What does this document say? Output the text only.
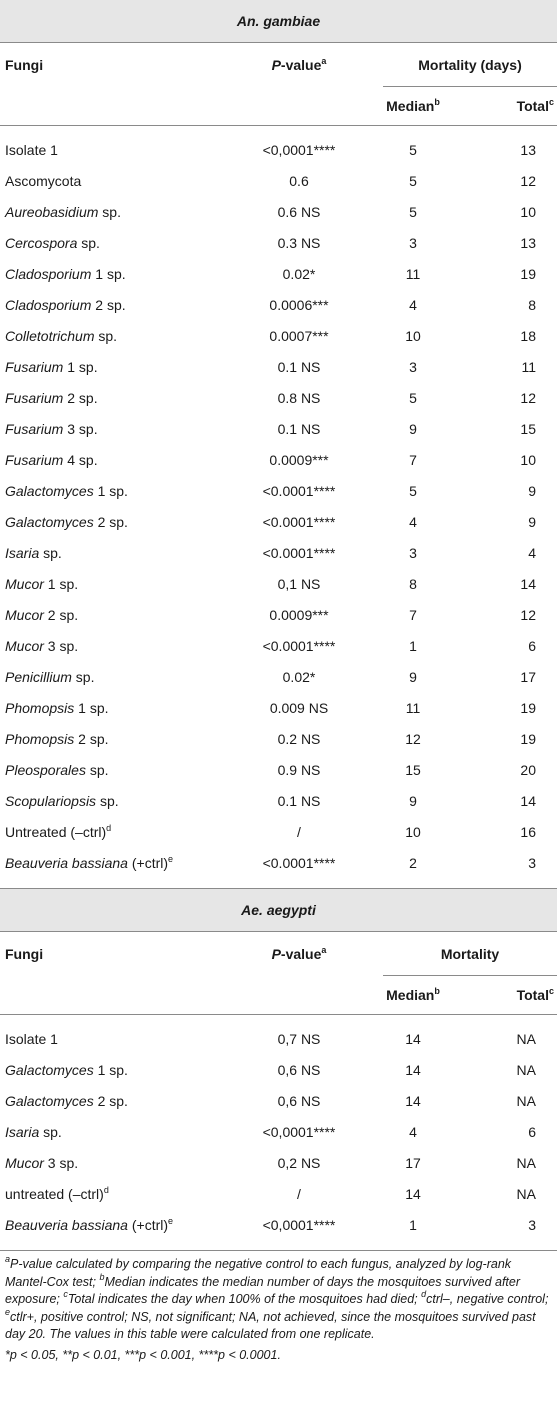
An. gambiae
Fungi	P-value$^a$	Mortality (days)
Median$^b$	Total$^c$
Isolate 1	<0,0001****	5	13
Ascomycota	0.6	5	12
Aureobasidium sp.	0.6 NS	5	10
Cercospora sp.	0.3 NS	3	13
Cladosporium 1 sp.	0.02*	11	19
Cladosporium 2 sp.	0.0006***	4	8
Colletotrichum sp.	0.0007***	10	18
Fusarium 1 sp.	0.1 NS	3	11
Fusarium 2 sp.	0.8 NS	5	12
Fusarium 3 sp.	0.1 NS	9	15
Fusarium 4 sp.	0.0009***	7	10
Galactomyces 1 sp.	<0.0001****	5	9
Galactomyces 2 sp.	<0.0001****	4	9
Isaria sp.	<0.0001****	3	4
Mucor 1 sp.	0,1 NS	8	14
Mucor 2 sp.	0.0009***	7	12
Mucor 3 sp.	<0.0001****	1	6
Penicillium sp.	0.02*	9	17
Phomopsis 1 sp.	0.009 NS	11	19
Phomopsis 2 sp.	0.2 NS	12	19
Pleosporales sp.	0.9 NS	15	20
Scopulariopsis sp.	0.1 NS	9	14
Untreated (–ctrl)$^d$	/	10	16
Beauveria bassiana (+ctrl)$^e$	<0.0001****	2	3
Ae. aegypti
Fungi	P-value$^a$	Mortality
Median$^b$	Total$^c$
Isolate 1	0,7 NS	14	NA
Galactomyces 1 sp.	0,6 NS	14	NA
Galactomyces 2 sp.	0,6 NS	14	NA
Isaria sp.	<0,0001****	4	6
Mucor 3 sp.	0,2 NS	17	NA
untreated (–ctrl)$^d$	/	14	NA
Beauveria bassiana (+ctrl)$^e$	<0,0001****	1	3
$^a$P-value calculated by comparing the negative control to each fungus, analyzed by log-rank Mantel-Cox test; $^b$Median indicates the median number of days the mosquitoes survived after exposure; $^c$Total indicates the day when 100% of the mosquitoes had died; $^d$ctrl–, negative control; $^e$ctlr+, positive control; NS, not significant; NA, not achieved, since the mosquitoes survived past day 20. The values in this table were calculated from one replicate.
*p < 0.05, **p < 0.01, ***p < 0.001, ****p < 0.0001.
